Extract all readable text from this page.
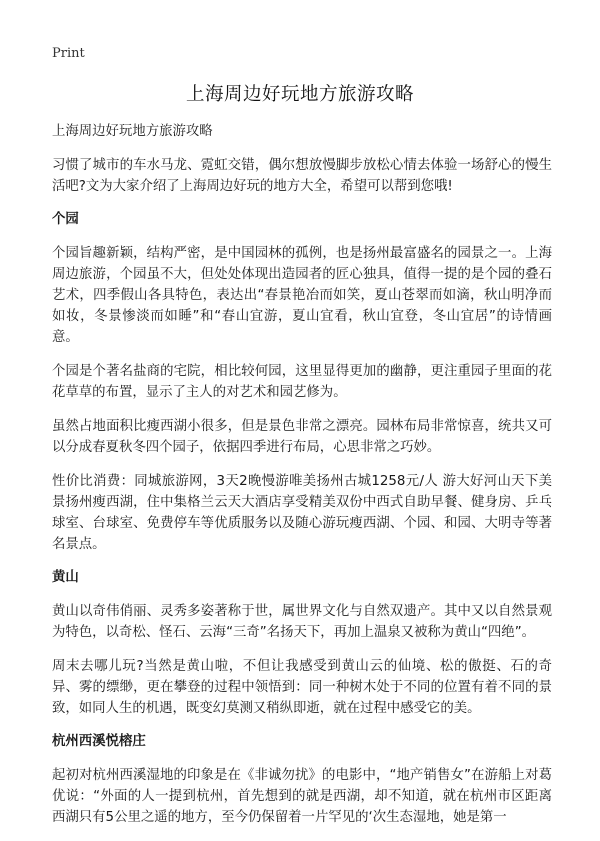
Print
上海周边好玩地方旅游攻略

上海周边好玩地方旅游攻略

习惯了城市的车水马龙、霓虹交错，偶尔想放慢脚步放松心情去体验一场舒心的慢生活吧?文为大家介绍了上海周边好玩的地方大全，希望可以帮到您哦!

个园

个园旨趣新颖，结构严密，是中国园林的孤例，也是扬州最富盛名的园景之一。上海周边旅游，个园虽不大，但处处体现出造园者的匠心独具，值得一提的是个园的叠石艺术，四季假山各具特色，表达出“春景艳冶而如笑，夏山苍翠而如滴，秋山明净而如妆，冬景惨淡而如睡”和“春山宜游，夏山宜看，秋山宜登，冬山宜居”的诗情画意。

个园是个著名盐商的宅院，相比较何园，这里显得更加的幽静，更注重园子里面的花花草草的布置，显示了主人的对艺术和园艺修为。

虽然占地面积比瘦西湖小很多，但是景色非常之漂亮。园林布局非常惊喜，统共又可以分成春夏秋冬四个园子，依据四季进行布局，心思非常之巧妙。

性价比消费：同城旅游网，3天2晚慢游唯美扬州古城1258元/人 游大好河山天下美景扬州瘦西湖，住中集格兰云天大酒店享受精美双份中西式自助早餐、健身房、乒乓球室、台球室、免费停车等优质服务以及随心游玩瘦西湖、个园、和园、大明寺等著名景点。

黄山

黄山以奇伟俏丽、灵秀多姿著称于世，属世界文化与自然双遗产。其中又以自然景观为特色，以奇松、怪石、云海“三奇”名扬天下，再加上温泉又被称为黄山“四绝”。

周末去哪儿玩?当然是黄山啦，不但让我感受到黄山云的仙境、松的傲挺、石的奇异、雾的缥缈，更在攀登的过程中领悟到：同一种树木处于不同的位置有着不同的景致，如同人生的机遇，既变幻莫测又稍纵即逝，就在过程中感受它的美。

杭州西溪悦榕庄

起初对杭州西溪湿地的印象是在《非诚勿扰》的电影中，“地产销售女”在游船上对葛优说：“外面的人一提到杭州，首先想到的就是西湖，却不知道，就在杭州市区距离西湖只有5公里之遥的地方，至今仍保留着一片罕见的‘次生态湿地，她是第一
